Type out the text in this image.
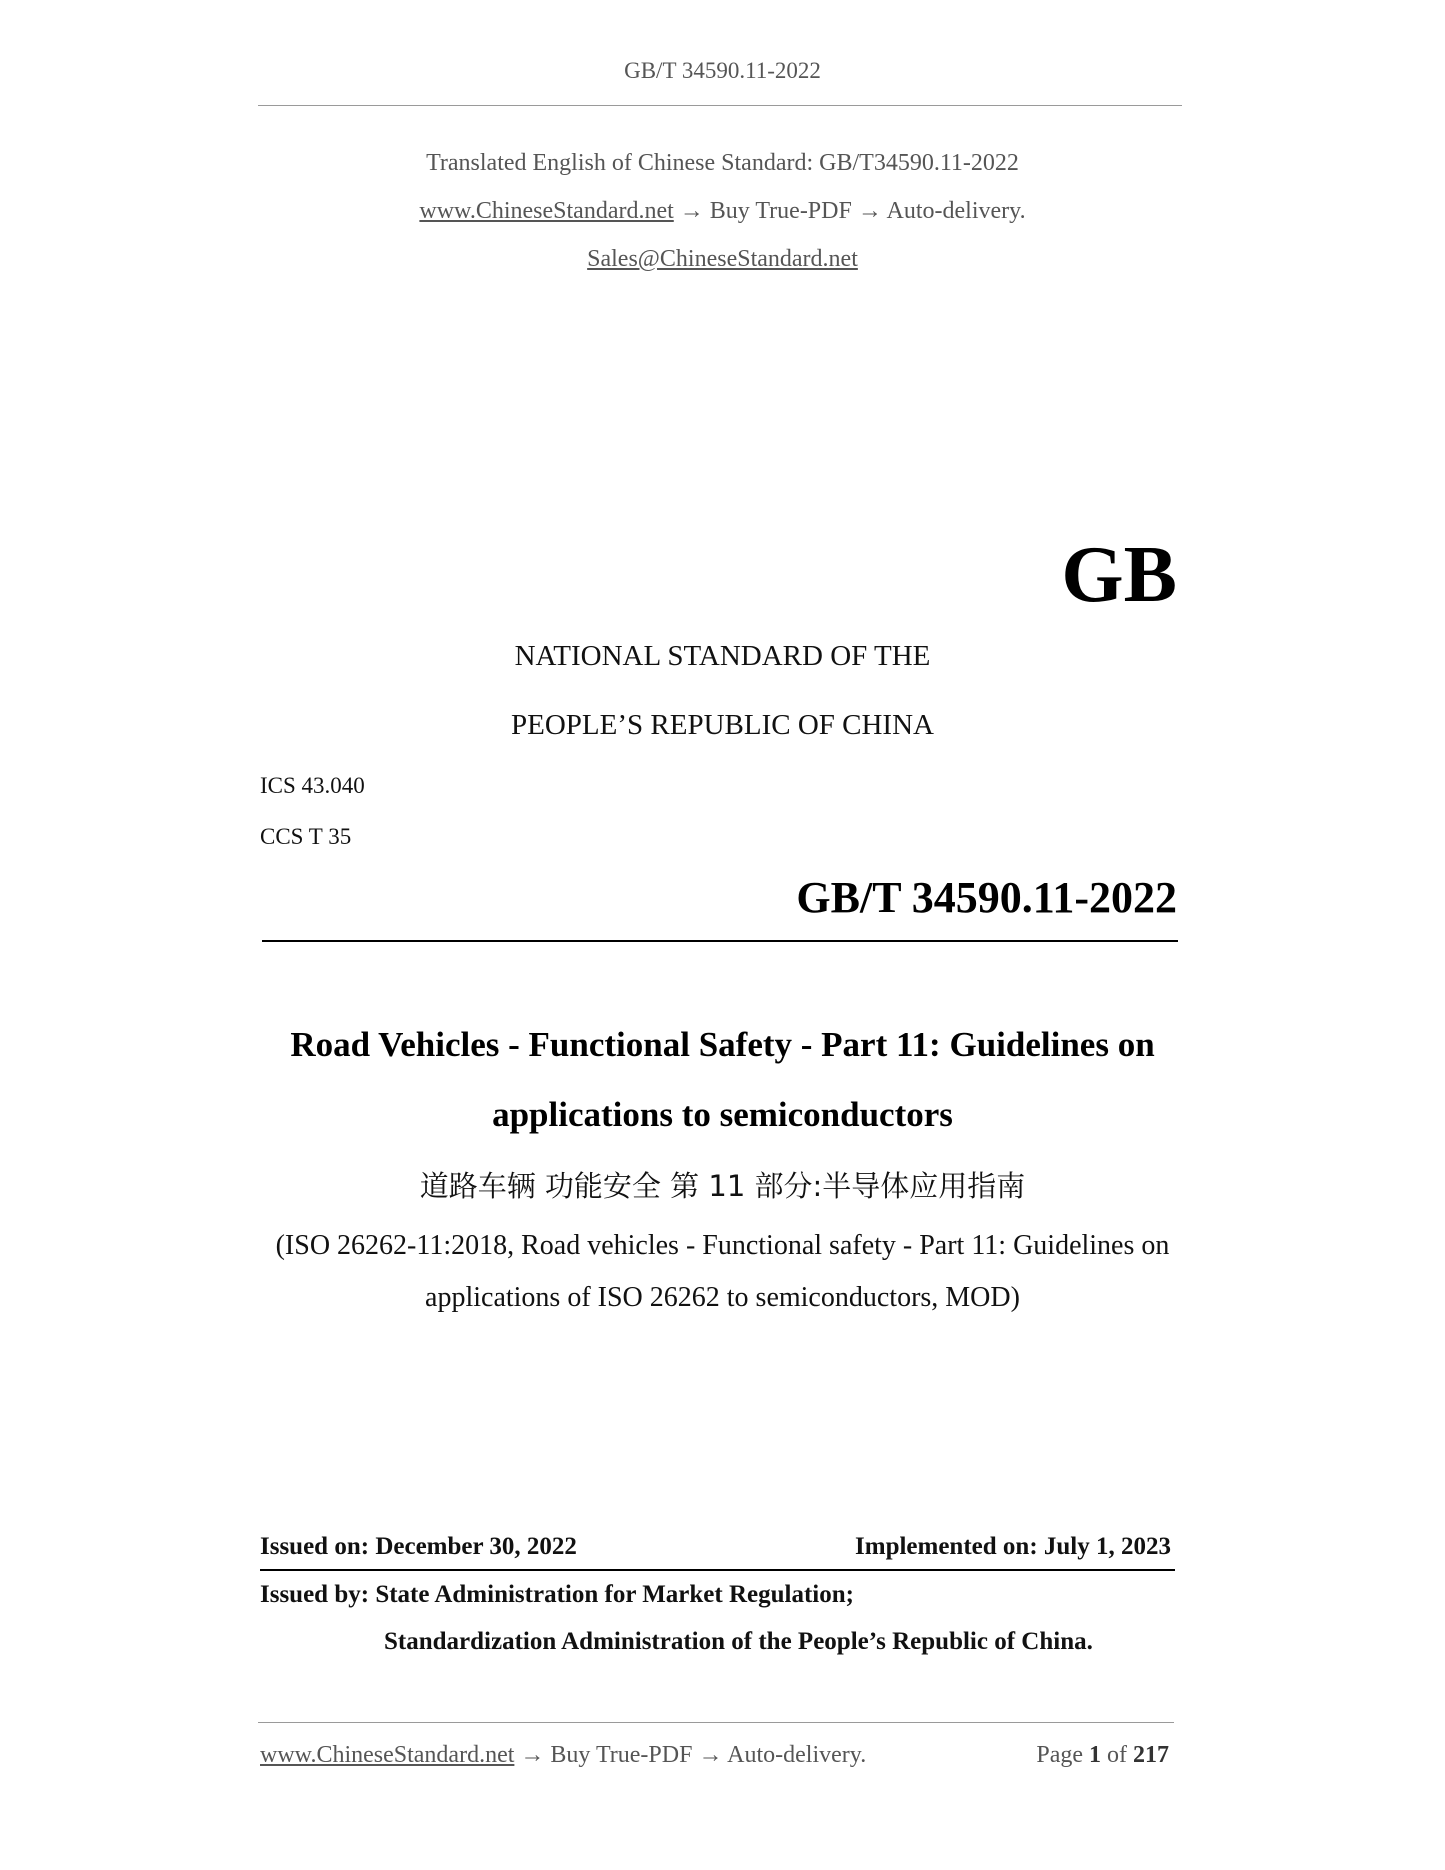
GB/T 34590.11-2022
Translated English of Chinese Standard: GB/T34590.11-2022
www.ChineseStandard.net → Buy True-PDF → Auto-delivery.
Sales@ChineseStandard.net
GB
NATIONAL STANDARD OF THE
PEOPLE’S REPUBLIC OF CHINA
ICS 43.040
CCS T 35
GB/T 34590.11-2022
Road Vehicles - Functional Safety - Part 11: Guidelines on
applications to semiconductors
道路车辆 功能安全 第 11 部分:半导体应用指南
(ISO 26262-11:2018, Road vehicles - Functional safety - Part 11: Guidelines on
applications of ISO 26262 to semiconductors, MOD)
Issued on: December 30, 2022	Implemented on: July 1, 2023
Issued by: State Administration for Market Regulation;
Standardization Administration of the People’s Republic of China.
www.ChineseStandard.net → Buy True-PDF → Auto-delivery.	Page 1 of 217
